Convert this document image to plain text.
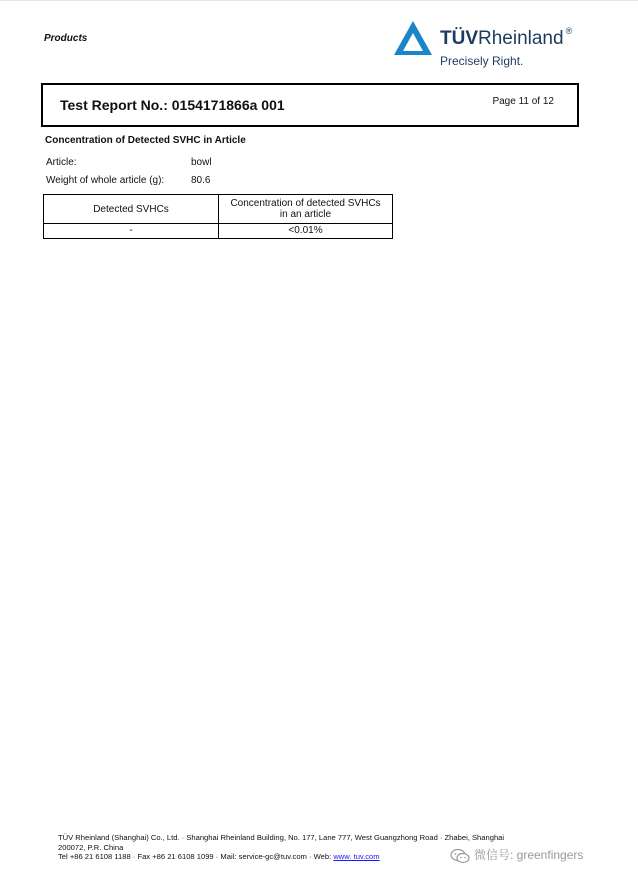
Products	TÜVRheinland ®
Precisely Right.
Test Report No.: 0154171866a 001	Page 11 of 12
Concentration of Detected SVHC in Article
Article:	bowl
Weight of whole article (g):	80.6
Detected SVHCs	Concentration of detected SVHCs
in an article
-	<0.01%
TÜV Rheinland (Shanghai) Co., Ltd. · Shanghai Rheinland Building, No. 177, Lane 777, West Guangzhong Road · Zhabei, Shanghai
200072, P.R. China
Tel +86 21 6108 1188 · Fax +86 21 6108 1099 · Mail: service-gc@tuv.com · Web: www. tuv.com	微信号: greenfingers
